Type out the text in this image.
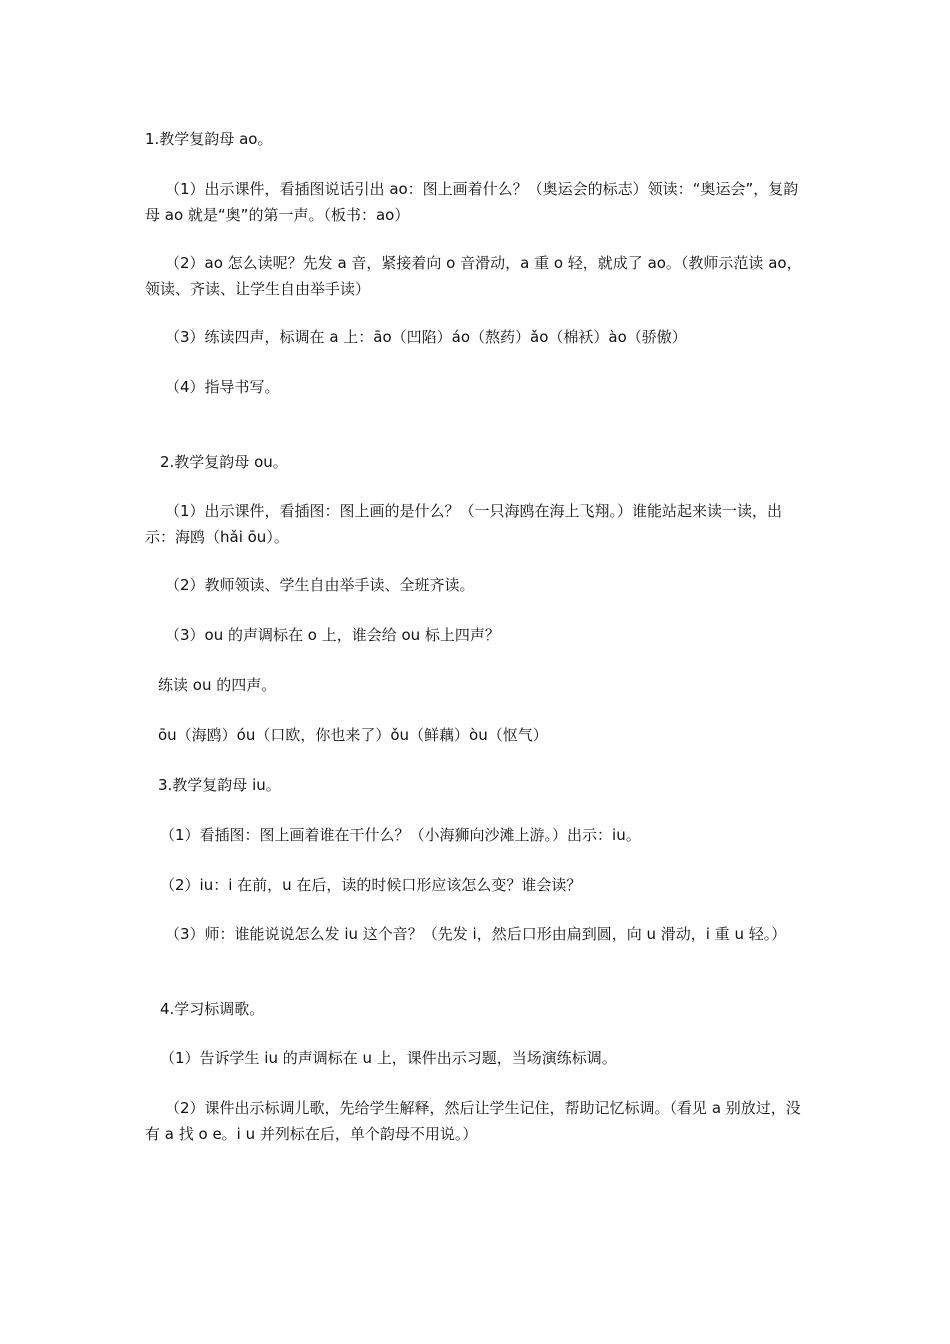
1.教学复韵母 ao。

（1）出示课件，看插图说话引出 ao：图上画着什么？（奥运会的标志）领读：“奥运会”，复韵母 ao 就是“奥”的第一声。（板书：ao）

（2）ao 怎么读呢？先发 a 音，紧接着向 o 音滑动，a 重 o 轻，就成了 ao。（教师示范读 ao，领读、齐读、让学生自由举手读）

（3）练读四声，标调在 a 上：āo（凹陷）áo（熬药）ǎo（棉袄）ào（骄傲）

（4）指导书写。

2.教学复韵母 ou。

（1）出示课件，看插图：图上画的是什么？（一只海鸥在海上飞翔。）谁能站起来读一读，出示：海鸥（hǎi ōu）。

（2）教师领读、学生自由举手读、全班齐读。

（3）ou 的声调标在 o 上，谁会给 ou 标上四声？

练读 ou 的四声。

ōu（海鸥）óu（口欧，你也来了）ǒu（鲜藕）òu（怄气）

3.教学复韵母 iu。

（1）看插图：图上画着谁在干什么？（小海狮向沙滩上游。）出示：iu。

（2）iu：i 在前，u 在后，读的时候口形应该怎么变？谁会读？

（3）师：谁能说说怎么发 iu 这个音？（先发 i，然后口形由扁到圆，向 u 滑动，i 重 u 轻。）

4.学习标调歌。

（1）告诉学生 iu 的声调标在 u 上，课件出示习题，当场演练标调。

（2）课件出示标调儿歌，先给学生解释，然后让学生记住，帮助记忆标调。（看见 a 别放过，没有 a 找 o e。i u 并列标在后，单个韵母不用说。）
